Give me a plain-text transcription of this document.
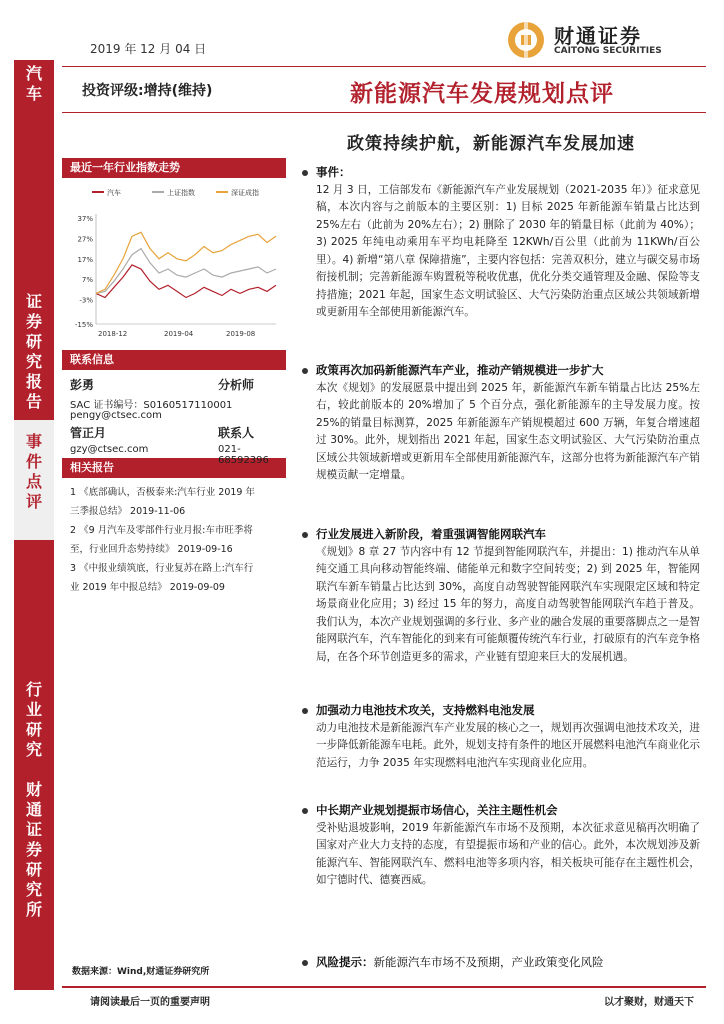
汽
车
证
券
研
究
报
告
事
件
点
评
行
业
研
究
财
通
证
券
研
究
所
2019 年 12 月 04 日
财通证券
CAITONG SECURITIES
投资评级:增持(维持)	新能源汽车发展规划点评
政策持续护航，新能源汽车发展加速
最近一年行业指数走势
汽车	上证指数	深证成指
37%
27%
17%
7%
-3%
-15%
2018-12	2019-04	2019-08
联系信息
彭勇	分析师
SAC 证书编号：S0160517110001
pengy@ctsec.com
管正月	联系人
gzy@ctsec.com	021-68592396
相关报告
1 《底部确认，否极泰来:汽车行业 2019 年
三季报总结》 2019-11-06
2 《9 月汽车及零部件行业月报:车市旺季将
至，行业回升态势持续》 2019-09-16
3 《中报业绩筑底，行业复苏在路上:汽车行
业 2019 年中报总结》 2019-09-09
数据来源：Wind,财通证券研究所
事件：
12 月 3 日，工信部发布《新能源汽车产业发展规划（2021-2035 年）》征求意见稿，本次内容与之前版本的主要区别：1) 目标 2025 年新能源车销量占比达到 25%左右（此前为 20%左右）；2) 删除了 2030 年的销量目标（此前为 40%）；3) 2025 年纯电动乘用车平均电耗降至 12KWh/百公里（此前为 11KWh/百公里）。4) 新增“第八章 保障措施”，主要内容包括：完善双积分，建立与碳交易市场衔接机制；完善新能源车购置税等税收优惠，优化分类交通管理及金融、保险等支持措施；2021 年起，国家生态文明试验区、大气污染防治重点区域公共领域新增或更新用车全部使用新能源汽车。
政策再次加码新能源汽车产业，推动产销规模进一步扩大
本次《规划》的发展愿景中提出到 2025 年，新能源汽车新车销量占比达 25%左右，较此前版本的 20%增加了 5 个百分点，强化新能源车的主导发展力度。按 25%的销量目标测算，2025 年新能源车产销规模超过 600 万辆，年复合增速超过 30%。此外，规划指出 2021 年起，国家生态文明试验区、大气污染防治重点区域公共领域新增或更新用车全部使用新能源汽车，这部分也将为新能源汽车产销规模贡献一定增量。
行业发展进入新阶段，着重强调智能网联汽车
《规划》8 章 27 节内容中有 12 节提到智能网联汽车，并提出：1) 推动汽车从单纯交通工具向移动智能终端、储能单元和数字空间转变；2) 到 2025 年，智能网联汽车新车销量占比达到 30%，高度自动驾驶智能网联汽车实现限定区域和特定场景商业化应用；3) 经过 15 年的努力，高度自动驾驶智能网联汽车趋于普及。我们认为，本次产业规划强调的多行业、多产业的融合发展的重要落脚点之一是智能网联汽车，汽车智能化的到来有可能颠覆传统汽车行业，打破原有的汽车竞争格局，在各个环节创造更多的需求，产业链有望迎来巨大的发展机遇。
加强动力电池技术攻关，支持燃料电池发展
动力电池技术是新能源汽车产业发展的核心之一，规划再次强调电池技术攻关，进一步降低新能源车电耗。此外，规划支持有条件的地区开展燃料电池汽车商业化示范运行，力争 2035 年实现燃料电池汽车实现商业化应用。
中长期产业规划提振市场信心，关注主题性机会
受补贴退坡影响，2019 年新能源汽车市场不及预期，本次征求意见稿再次明确了国家对产业大力支持的态度，有望提振市场和产业的信心。此外，本次规划涉及新能源汽车、智能网联汽车、燃料电池等多项内容，相关板块可能存在主题性机会，如宁德时代、德赛西威。
风险提示：新能源汽车市场不及预期，产业政策变化风险
请阅读最后一页的重要声明	以才聚财，财通天下
